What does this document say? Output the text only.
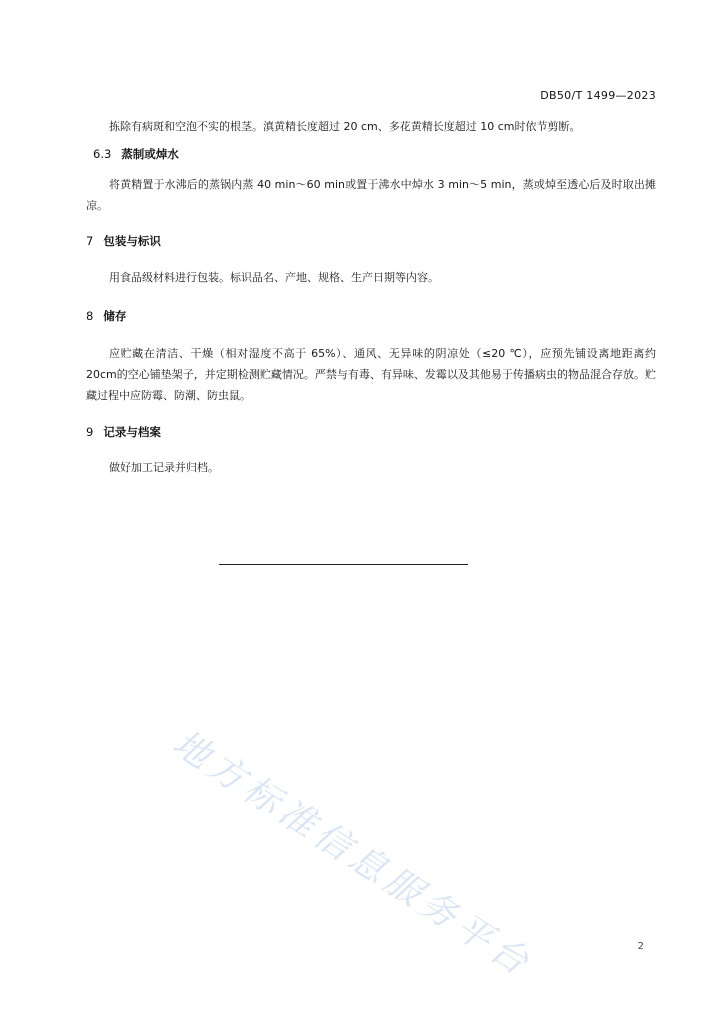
地方标准信息服务平台
DB50/T 1499—2023

拣除有病斑和空泡不实的根茎。滇黄精长度超过 20 cm、多花黄精长度超过 10 cm时依节剪断。

6.3 蒸制或焯水

将黄精置于水沸后的蒸锅内蒸 40 min～60 min或置于沸水中焯水 3 min～5 min，蒸或焯至透心后及时取出摊凉。

7 包装与标识

用食品级材料进行包装。标识品名、产地、规格、生产日期等内容。

8 储存

应贮藏在清洁、干燥（相对湿度不高于 65%）、通风、无异味的阴凉处（≤20 ℃），应预先铺设离地距离约 20cm的空心铺垫架子，并定期检测贮藏情况。严禁与有毒、有异味、发霉以及其他易于传播病虫的物品混合存放。贮藏过程中应防霉、防潮、防虫鼠。

9 记录与档案

做好加工记录并归档。

2
